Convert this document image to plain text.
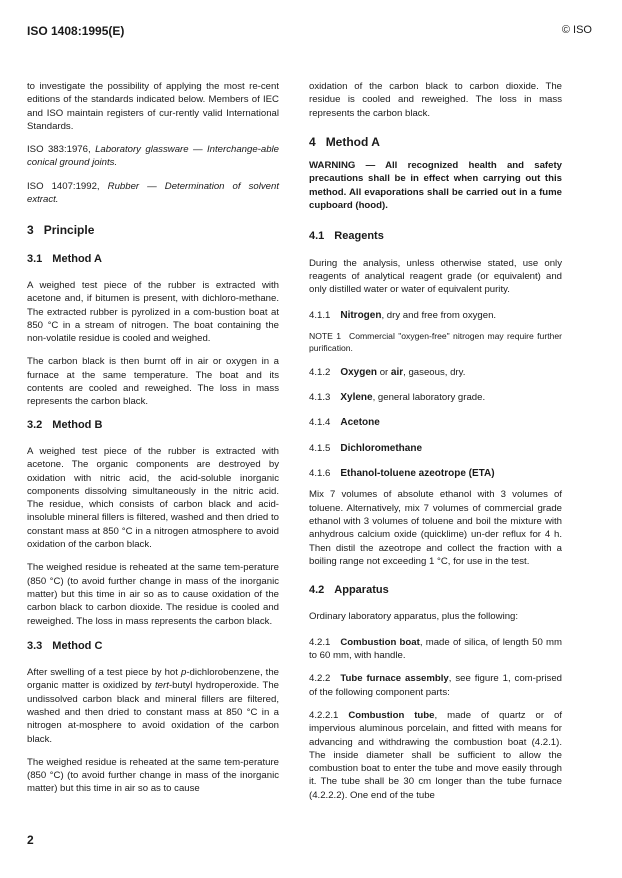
ISO 1408:1995(E)	© ISO

to investigate the possibility of applying the most re-cent editions of the standards indicated below. Members of IEC and ISO maintain registers of cur-rently valid International Standards.

ISO 383:1976, Laboratory glassware — Interchange-able conical ground joints.

ISO 1407:1992, Rubber — Determination of solvent extract.

3 Principle
3.1 Method A

A weighed test piece of the rubber is extracted with acetone and, if bitumen is present, with dichloro-methane. The extracted rubber is pyrolized in a com-bustion boat at 850 °C in a stream of nitrogen. The boat containing the non-volatile residue is cooled and weighed.

The carbon black is then burnt off in air or oxygen in a furnace at the same temperature. The boat and its contents are cooled and reweighed. The loss in mass represents the carbon black.

3.2 Method B

A weighed test piece of the rubber is extracted with acetone. The organic components are destroyed by oxidation with nitric acid, the acid-soluble inorganic components dissolving simultaneously in the nitric acid. The residue, which consists of carbon black and acid-insoluble mineral fillers is filtered, washed and then dried to constant mass at 850 °C in a nitrogen atmosphere to avoid oxidation of the carbon black.

The weighed residue is reheated at the same tem-perature (850 °C) (to avoid further change in mass of the inorganic matter) but this time in air so as to cause oxidation of the carbon black to carbon dioxide. The residue is cooled and reweighed. The loss in mass represents the carbon black.

3.3 Method C

After swelling of a test piece by hot p-dichlorobenzene, the organic matter is oxidized by tert-butyl hydroperoxide. The undissolved carbon black and mineral fillers are filtered, washed and then dried to constant mass at 850 °C in a nitrogen at-mosphere to avoid oxidation of the carbon black.

The weighed residue is reheated at the same tem-perature (850 °C) (to avoid further change in mass of the inorganic matter) but this time in air so as to cause

oxidation of the carbon black to carbon dioxide. The residue is cooled and reweighed. The loss in mass represents the carbon black.

4 Method A

WARNING — All recognized health and safety precautions shall be in effect when carrying out this method. All evaporations shall be carried out in a fume cupboard (hood).

4.1 Reagents

During the analysis, unless otherwise stated, use only reagents of analytical reagent grade (or equivalent) and only distilled water or water of equivalent purity.

4.1.1 Nitrogen, dry and free from oxygen.

NOTE 1 Commercial "oxygen-free" nitrogen may require further purification.

4.1.2 Oxygen or air, gaseous, dry.
4.1.3 Xylene, general laboratory grade.
4.1.4 Acetone
4.1.5 Dichloromethane
4.1.6 Ethanol-toluene azeotrope (ETA)

Mix 7 volumes of absolute ethanol with 3 volumes of toluene. Alternatively, mix 7 volumes of commercial grade ethanol with 3 volumes of toluene and boil the mixture with anhydrous calcium oxide (quicklime) un-der reflux for 4 h. Then distil the azeotrope and collect the fraction with a boiling range not exceeding 1 °C, for use in the test.

4.2 Apparatus

Ordinary laboratory apparatus, plus the following:

4.2.1 Combustion boat, made of silica, of length 50 mm to 60 mm, with handle.

4.2.2 Tube furnace assembly, see figure 1, com-prised of the following component parts:

4.2.2.1 Combustion tube, made of quartz or of impervious aluminous porcelain, and fitted with means for advancing and withdrawing the combustion boat (4.2.1). The inside diameter shall be sufficient to allow the combustion boat to enter the tube and move easily through it. The tube shall be 30 cm longer than the tube furnace (4.2.2.2). One end of the tube

2
